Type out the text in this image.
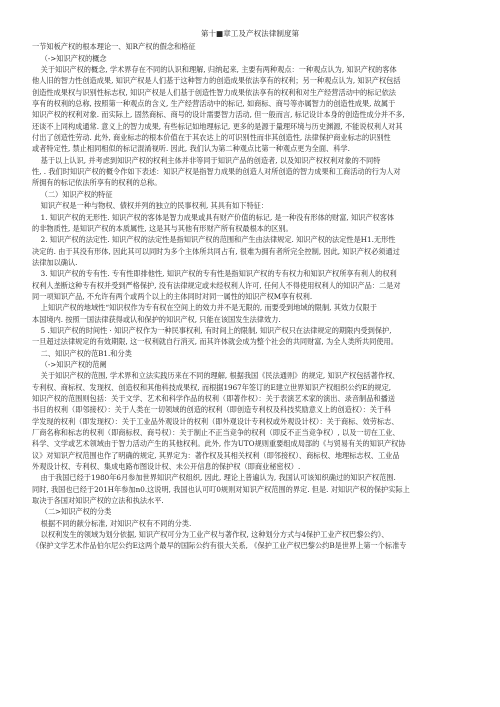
第十■章工及产权法律制度第
一节知板产权的根本理论一、知R产权的假念和格征
（->知识产权的概念
关于知识产权的概念, 学术界存在不同的认识和理解, 归纳起来, 主要有两种观点：一种观点认为, 知识产权的客体
他人旧的智力性创造成果, 知识产权是人们基于这种智力的创造成果依法享有的权利；另一种观点认为, 知识产权包括
创造性成果权与识别性标志权, 知识产权是人们基于创造性智力成果依法享有的权利和对生产经营活动中的标记依法
享有的权利的总称, 按照第一种观点的含义, 生产经营活动中的标记, 如商标、商号等亦属智力的创造性成果, 故属于
知识产权的权利对象. 而实际上, 固然商标、商号的设计需要智力活动, 但一般而言, 标记设计本身的创造性成分并不多,
还谈不上同构成通常. 意义上的智力成果, 有些标记如地理标记, 更多的是源于量理环境与历史渊源, 不能说权利人对其
付出了创造性劳动. 此外, 商业标志的根本价值在于其农达上的可识别性而非其创造性, 法律保护商业标志的识别性
或者特定性, 禁止相同相似的标记混淆视听. 因此, 我们认为第二种观点比第一种观点更为全面、科学.
基于以上认识, 并考虑到知识产权的权利主体并非等同于知识产品的创造者, 以及知识产权权利对象的不同特
性, . 我们时知识产权的概令作如下表述：知识产权是指智力成果的创造人对所创造的智力成果和工商活动的行为人对
所拥有的标记依法所享有的权利的总称。
（二）知识产权的特征
知识产权是一种与物权、债权并列的独立的民事权利, 其具有如下特征：
1. 知识产权的无形性. 知识产权的客体是智力成果或具有财产价值的标记, 是一种没有形体的财富, 知识产权客体
的非物质性, 是知识产权的本质属性, 这是其与其他有形财产所有权最根本的区别。
2. 知识产权的法定性. 知识产权的法定性是指知识产权的范围和产生由法律规定. 知识产权的法定性是H1.无形性
决定的. 由于其没有形体, 因此其可以同时为多个主体所共同占有, 很难为拥有者所完全控制, 因此, 知识产权必须通过
法律加以确认.
3. 知识产权的专有性. 专有性即排他性, 知识产权的专有性是指知识产权的专有权力和知识产权所享有利人的权利
权利人垄断这种专有权并受到严格保护, 没有法律规定或未经权利人许可, 任何人不得使用权利人的知识产品：二是对
同一项知识产品, 不允许有两个或两个以上的主体同时对同一属性的知识产权M享有权利.
上知识产权的地域性“知识权作为专有权在空间上的效力并不是无限的, 而要受到地域的限制, 其效力仅限于
本国境内. 按照一国法律获得或认和保护的知识产权, 只能在该国发生法律效力.
5 .知识产权的时间性 · 知识产权作为一种民事权利, 有时间上的限制, 知识产权只在法律规定的期限内受到保护,
一旦超过法律规定的有效期限, 这一权利就自行消灭, 而其许体就会成为整个社会的共同财富, 为全人类所共同使用。
二、知识产权的范B1.和分类
（->知识产权的范阑
关于知识产权的范围, 学术界和立法实践历来在不同的理解, 根据我国《民法通则》的规定, 知识产权包括著作权、
专利权、商标权、发现权、创造权和其他科技成果权, 而根据1967年签订的E建立世界知识产权组织公约E的规定,
知识产权的范围则包括：关于文学、艺术和科学作品的权利（即著作权）：关于表演艺术家的演出、录音制品和播送
书目的权利（即邻接权）：关于人类在一切领域的创造的权利（即创造专利权及科技奖励意义上的创造权）：关于科
学发现的权利（即发现权）：关于工业品外观设计的权利（即外观设计专利权或外观设计权）：关于商标、效劳标志、
厂商名称和标志的权利（即商标权、商号权）：关于制止不正当竞争的权利（即反不正当竞争权）, 以及一切在工业、
科学、文学或艺术领域由于智力活动产生的其他权利。此外, 作为UTO规则重要组成局部的《与贸易有关的知识产权协
议》对知识产权范围也作了明确的规定, 其界定为：著作权及其相关权利（即邻接权）、商标权、地理标志权、工业品
外观设计权、专利权、集成电路布图设计权、未公开信息的保护权（即商业秘密权）.
由于我国已经于1980年6月参加世界知识产权组织, 因此, 理论上普遍认为, 我国认可该知织确过的知识产权范围.
同时, 我国也已经于201H年参加n0.这说明, 我国也认可叮0规则对知识产权范围的界定. 但是. 对知识产权的保护实际上
取决于各国对知识产权的立法和执法水平.
（二>知识产权的分类
根据不同的献分标准, 对知识产权有不同的分类.
以权利发生的领域为划分依据, 知识产权可分为工业产权与著作权, 这种划分方式与4保护工业产权巴黎公约》、
《保护文学艺术作品伯尔尼公约E这两个最早的国际公约有很大关系, 《保护工业产权巴黎公约B是世界上第一个标准专
